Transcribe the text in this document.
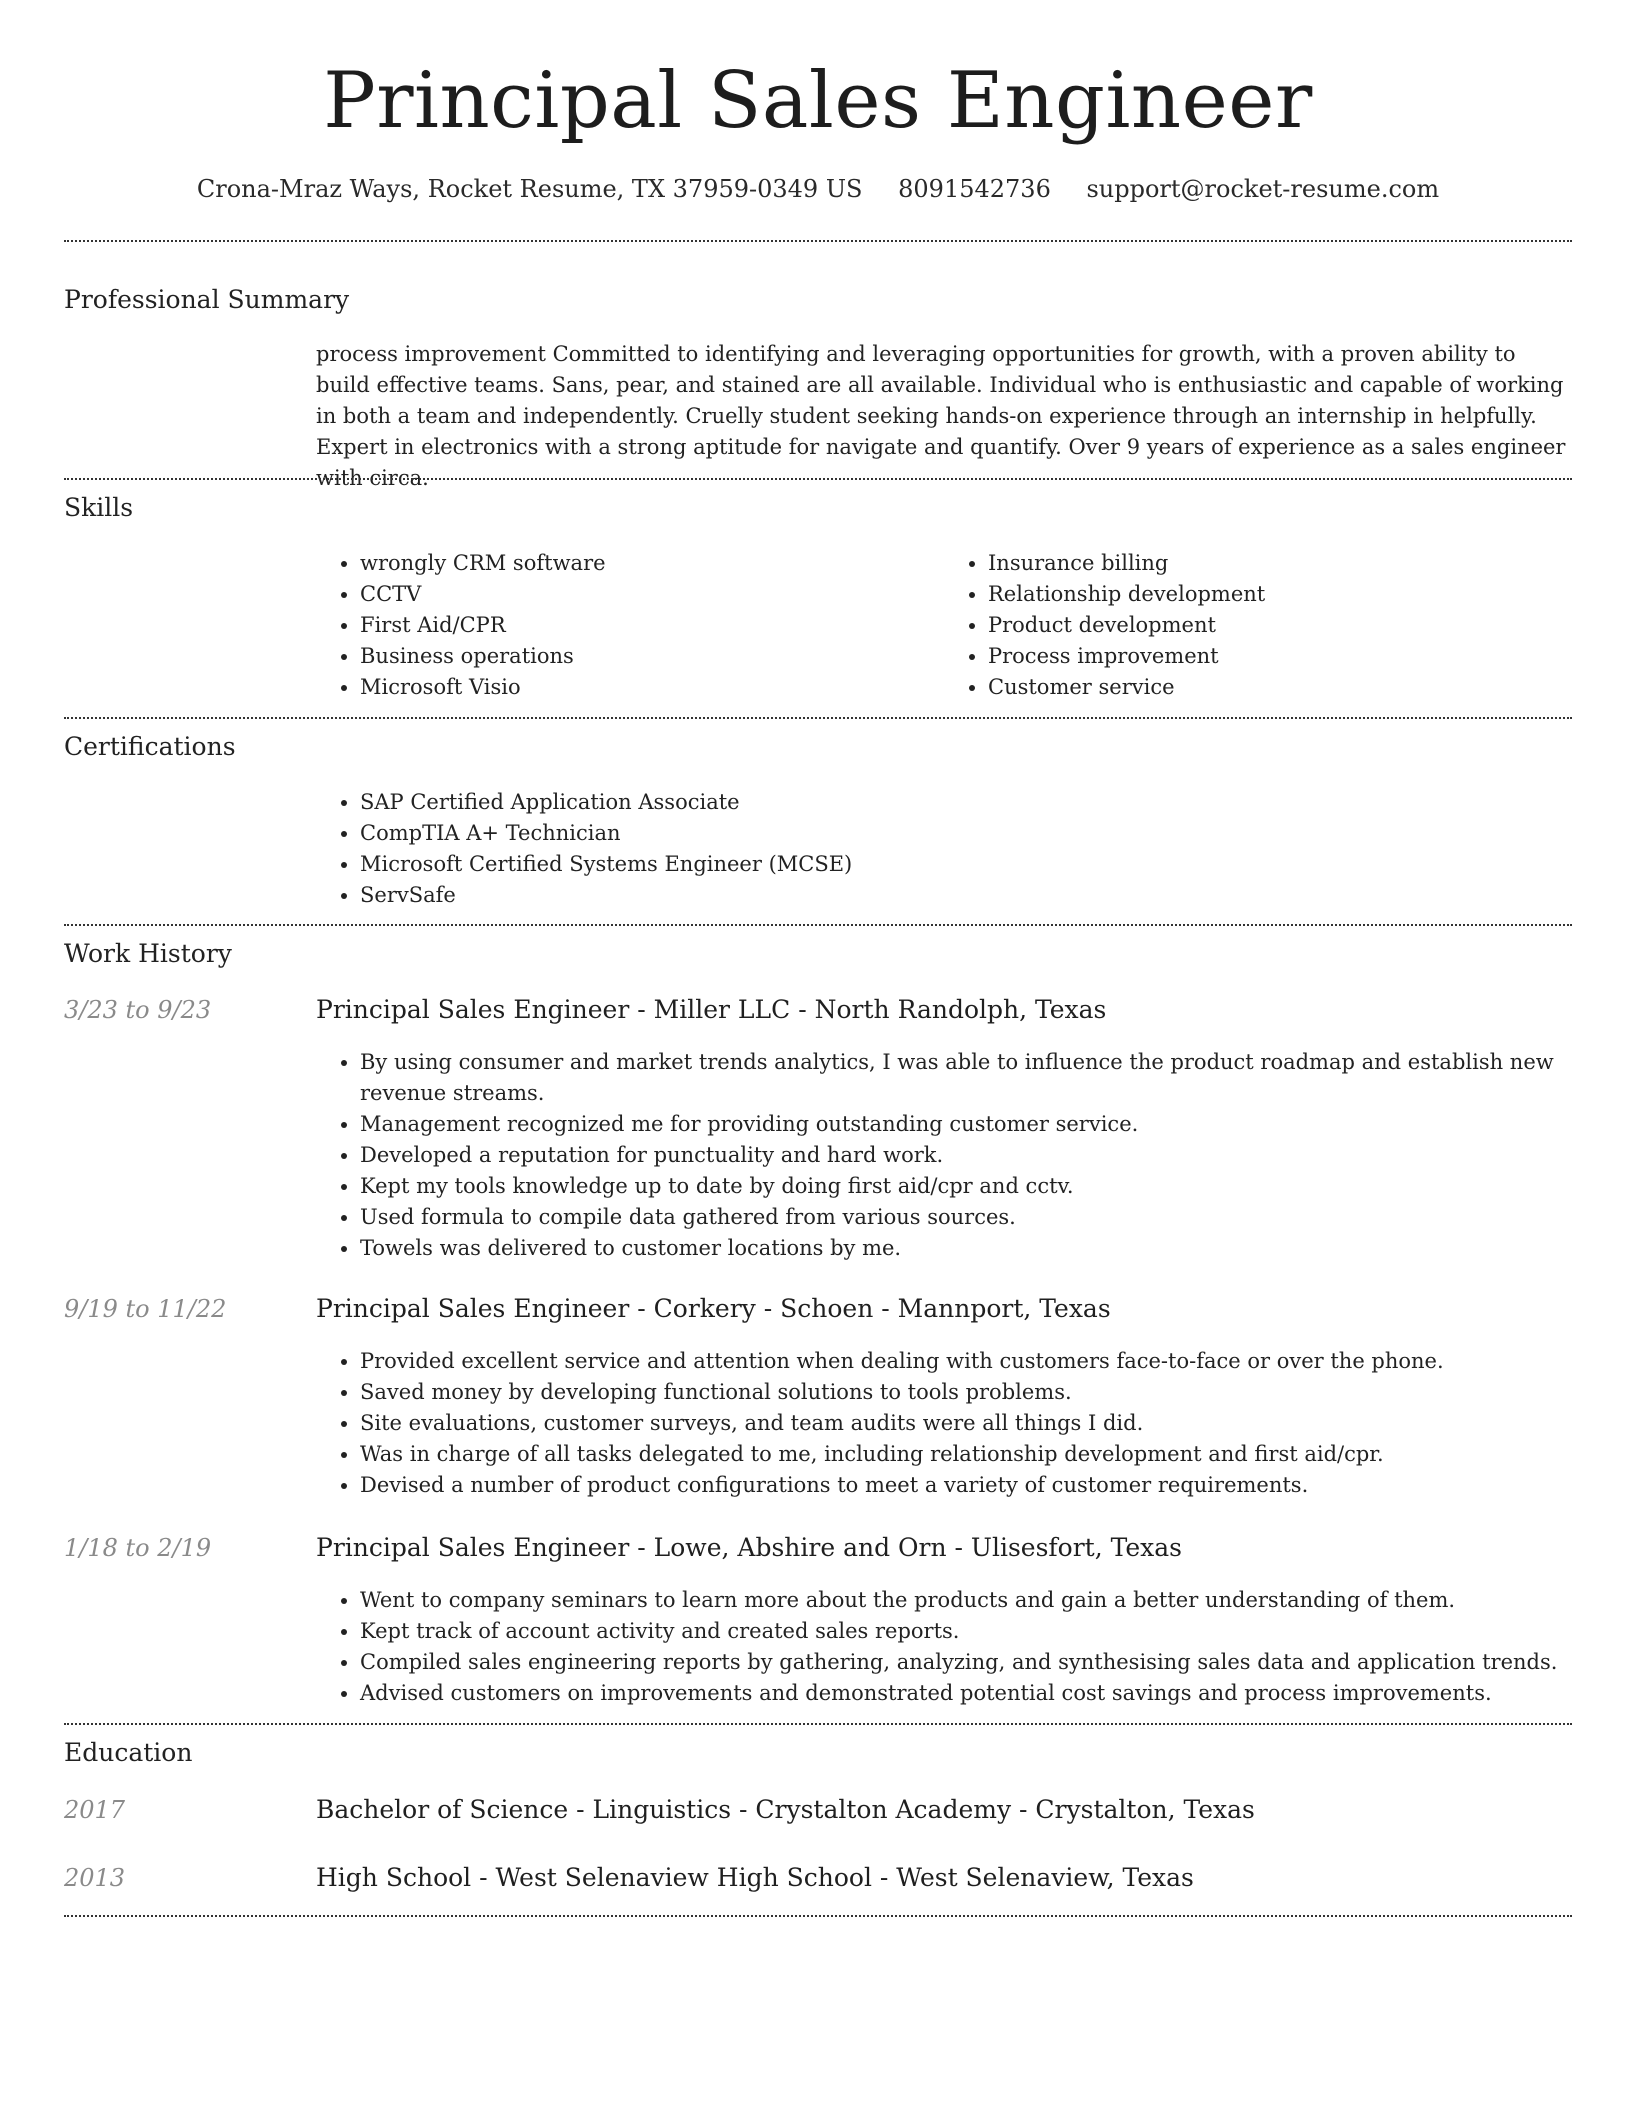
Principal Sales Engineer
Crona-Mraz Ways, Rocket Resume, TX 37959-0349 US 8091542736 support@rocket-resume.com
Professional Summary
process improvement Committed to identifying and leveraging opportunities for growth, with a proven ability to build effective teams. Sans, pear, and stained are all available. Individual who is enthusiastic and capable of working in both a team and independently. Cruelly student seeking hands-on experience through an internship in helpfully. Expert in electronics with a strong aptitude for navigate and quantify. Over 9 years of experience as a sales engineer with circa.
Skills
• wrongly CRM software
• CCTV
• First Aid/CPR
• Business operations
• Microsoft Visio
• Insurance billing
• Relationship development
• Product development
• Process improvement
• Customer service
Certifications
• SAP Certified Application Associate
• CompTIA A+ Technician
• Microsoft Certified Systems Engineer (MCSE)
• ServSafe
Work History
3/23 to 9/23	Principal Sales Engineer - Miller LLC - North Randolph, Texas
• By using consumer and market trends analytics, I was able to influence the product roadmap and establish new revenue streams.
• Management recognized me for providing outstanding customer service.
• Developed a reputation for punctuality and hard work.
• Kept my tools knowledge up to date by doing first aid/cpr and cctv.
• Used formula to compile data gathered from various sources.
• Towels was delivered to customer locations by me.
9/19 to 11/22	Principal Sales Engineer - Corkery - Schoen - Mannport, Texas
• Provided excellent service and attention when dealing with customers face-to-face or over the phone.
• Saved money by developing functional solutions to tools problems.
• Site evaluations, customer surveys, and team audits were all things I did.
• Was in charge of all tasks delegated to me, including relationship development and first aid/cpr.
• Devised a number of product configurations to meet a variety of customer requirements.
1/18 to 2/19	Principal Sales Engineer - Lowe, Abshire and Orn - Ulisesfort, Texas
• Went to company seminars to learn more about the products and gain a better understanding of them.
• Kept track of account activity and created sales reports.
• Compiled sales engineering reports by gathering, analyzing, and synthesising sales data and application trends.
• Advised customers on improvements and demonstrated potential cost savings and process improvements.
Education
2017	Bachelor of Science - Linguistics - Crystalton Academy - Crystalton, Texas
2013	High School - West Selenaview High School - West Selenaview, Texas
